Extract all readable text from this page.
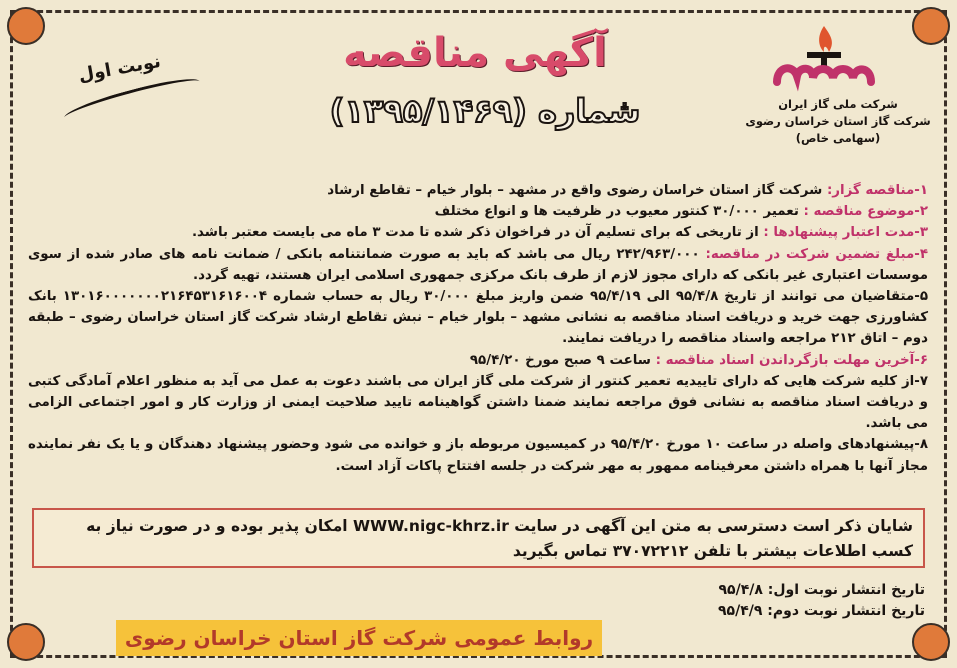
شرکت ملی گاز ایران
شرکت گاز استان خراسان رضوی
(سهامی خاص)
آگهی مناقصه
شماره (۱۳۹۵/۱۴۶۹)
نوبت اول

۱-مناقصه گزار: شرکت گاز استان خراسان رضوی واقع در مشهد – بلوار خیام – تقاطع ارشاد

۲-موضوع مناقصه : تعمیر ۳۰/۰۰۰ کنتور معیوب در ظرفیت ها و انواع مختلف

۳-مدت اعتبار پیشنهادها : از تاریخی که برای تسلیم آن در فراخوان ذکر شده تا مدت ۳ ماه می بایست معتبر باشد.

۴-مبلغ تضمین شرکت در مناقصه: ۲۴۲/۹۶۳/۰۰۰ ریال می باشد که باید به صورت ضمانتنامه بانکی / ضمانت نامه های صادر شده از سوی موسسات اعتباری غیر بانکی که دارای مجوز لازم از طرف بانک مرکزی جمهوری اسلامی ایران هستند، تهیه گردد.

۵-متقاضیان می توانند از تاریخ ۹۵/۴/۸ الی ۹۵/۴/۱۹ ضمن واریز مبلغ ۳۰/۰۰۰ ریال به حساب شماره ۱۳۰۱۶۰۰۰۰۰۰۰۲۱۶۴۵۳۱۶۱۶۰۰۴ بانک کشاورزی جهت خرید و دریافت اسناد مناقصه به نشانی مشهد – بلوار خیام – نبش تقاطع ارشاد شرکت گاز استان خراسان رضوی – طبقه دوم – اتاق ۲۱۲ مراجعه واسناد مناقصه را دریافت نمایند.

۶-آخرین مهلت بازگرداندن اسناد مناقصه : ساعت ۹ صبح مورخ ۹۵/۴/۲۰

۷-از کلیه شرکت هایی که دارای تاییدیه تعمیر کنتور از شرکت ملی گاز ایران می باشند دعوت به عمل می آید به منظور اعلام آمادگی کتبی و دریافت اسناد مناقصه به نشانی فوق مراجعه نمایند ضمنا داشتن گواهینامه تایید صلاحیت ایمنی از وزارت کار و امور اجتماعی الزامی می باشد.

۸-پیشنهادهای واصله در ساعت ۱۰ مورخ ۹۵/۴/۲۰ در کمیسیون مربوطه باز و خوانده می شود وحضور پیشنهاد دهندگان و یا یک نفر نماینده مجاز آنها با همراه داشتن معرفینامه ممهور به مهر شرکت در جلسه افتتاح پاکات آزاد است.

شایان ذکر است دسترسی به متن این آگهی در سایت WWW.nigc-khrz.ir امکان پذیر بوده و در صورت نیاز به کسب اطلاعات بیشتر با تلفن ۳۷۰۷۲۲۱۲ تماس بگیرید
تاریخ انتشار نوبت اول: ۹۵/۴/۸
تاریخ انتشار نوبت دوم: ۹۵/۴/۹
روابط عمومی شرکت گاز استان خراسان رضوی
